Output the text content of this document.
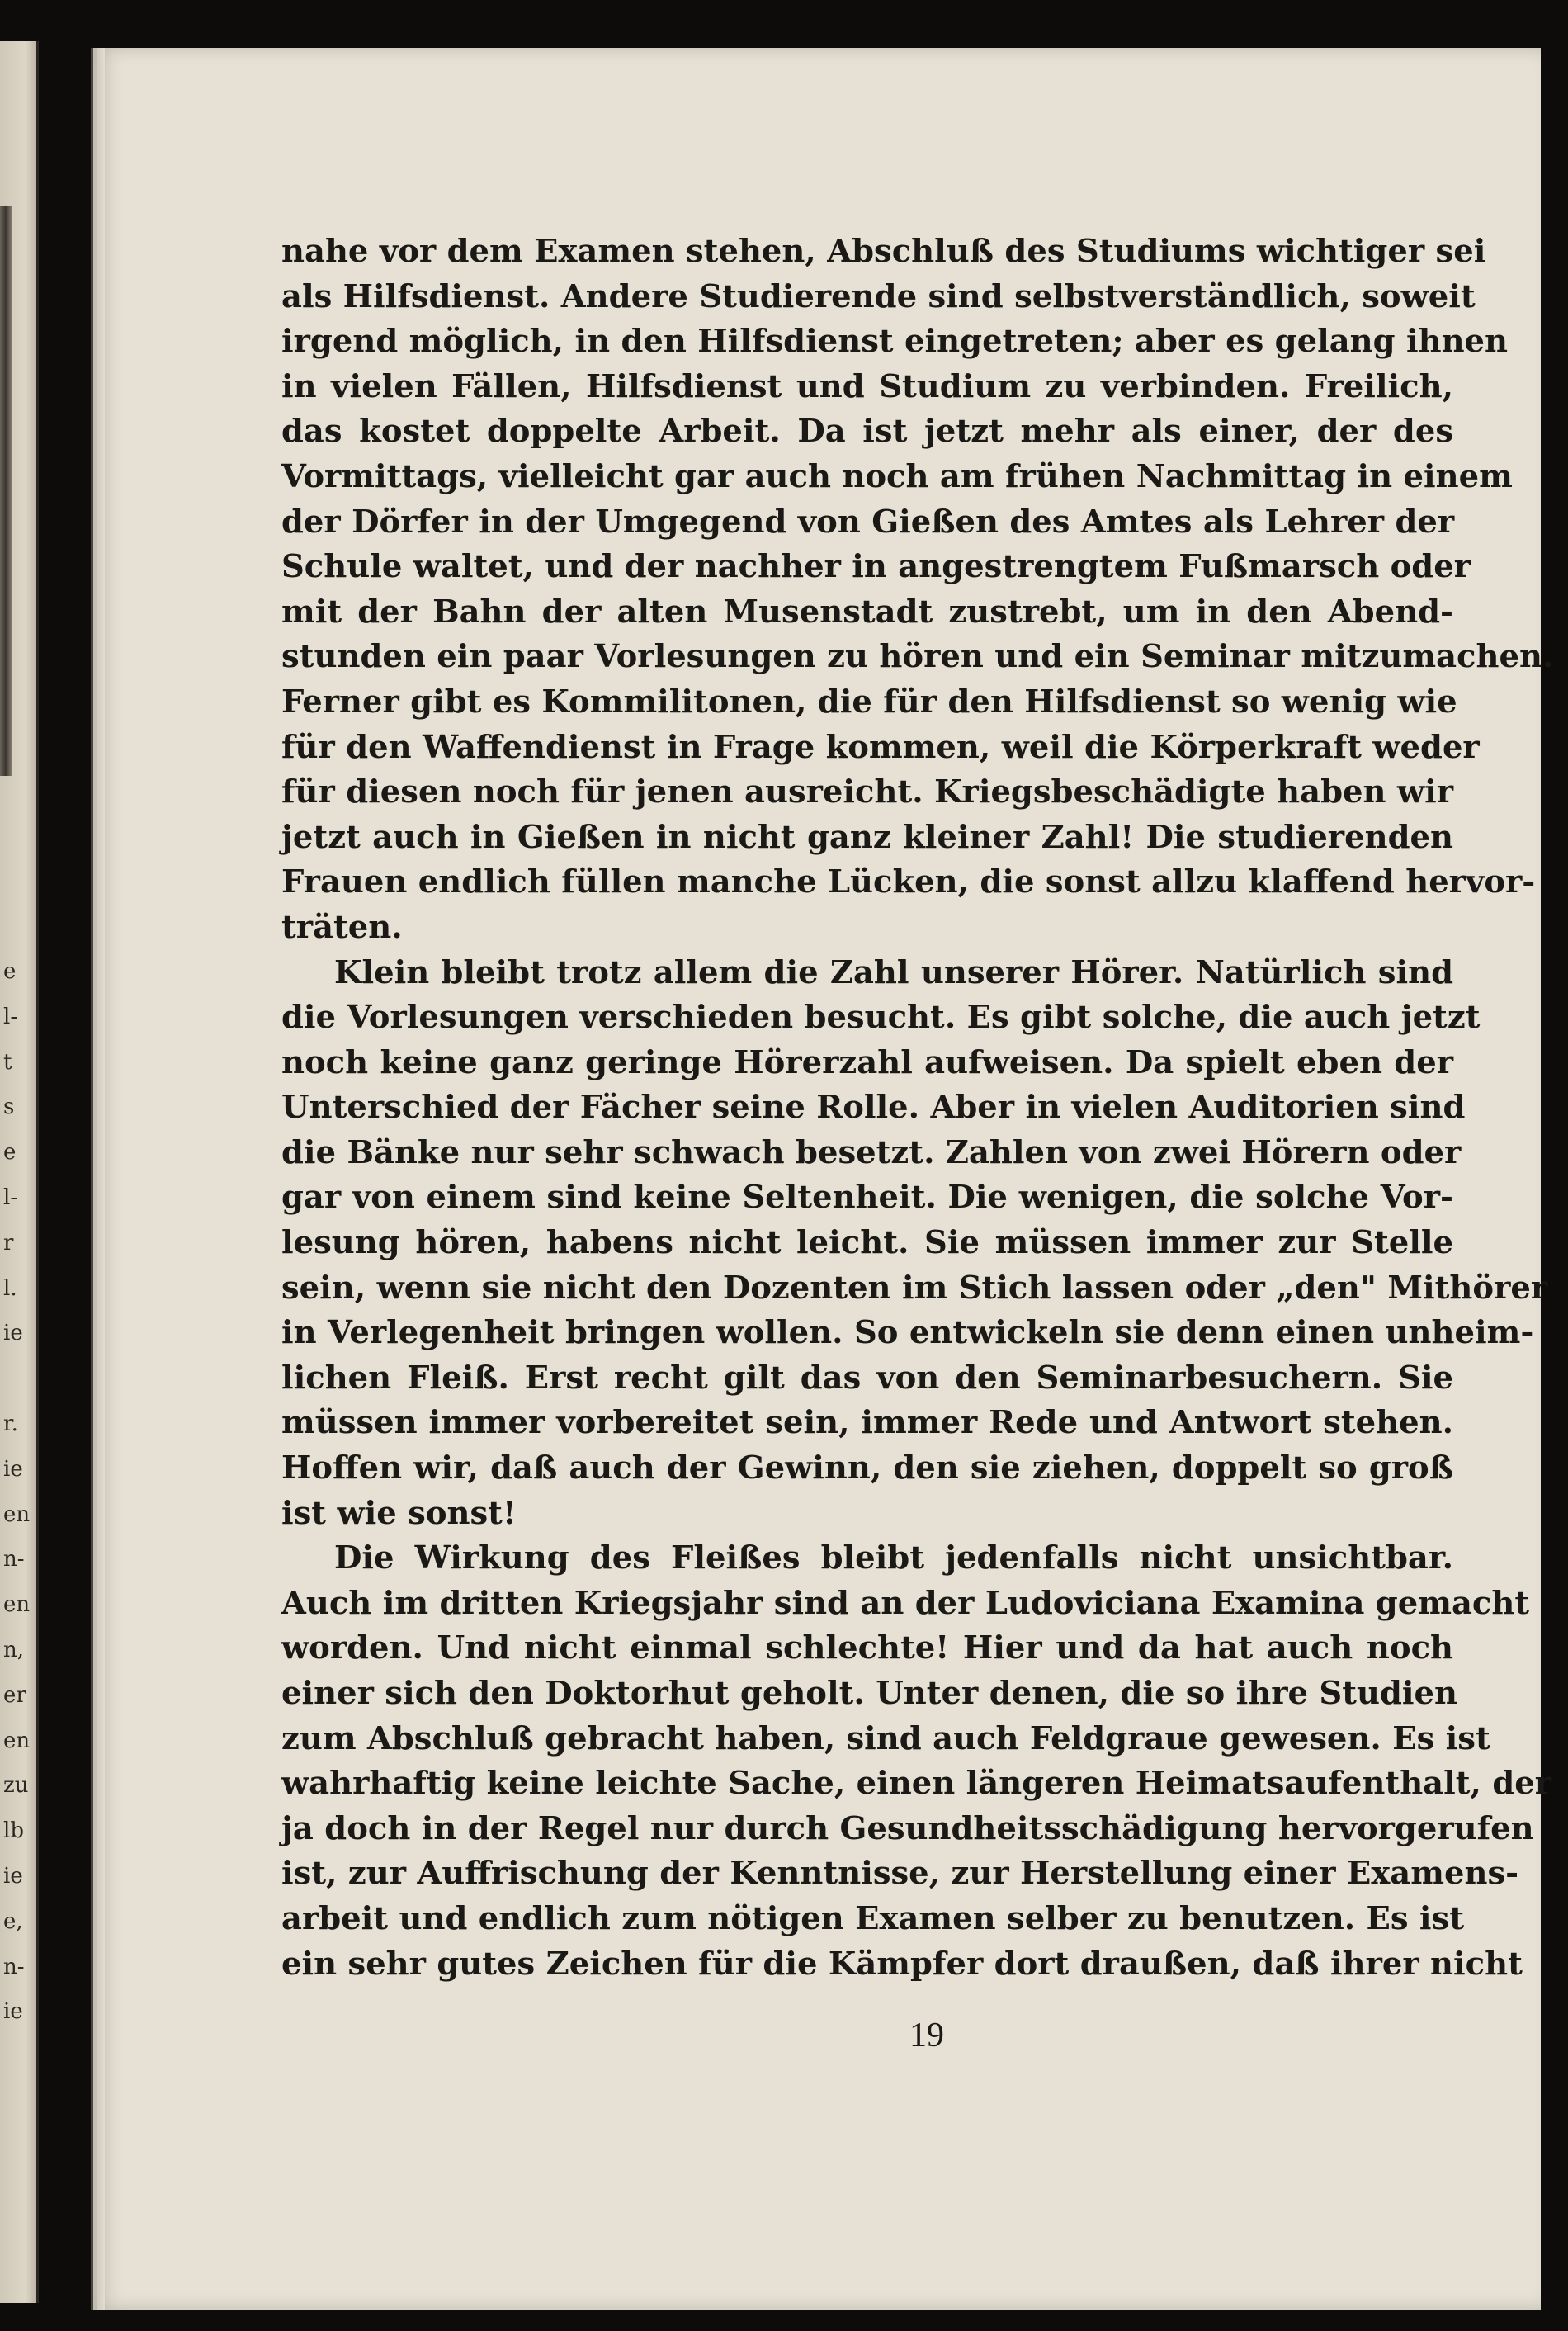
e
l-
t
s
e
l-
r
l.
ie
r.
ie
en
n-
en
n,
er
en
zu
lb
ie
e,
n-
ie
nahe vor dem Examen stehen, Abschluß des Studiums wichtiger sei
als Hilfsdienst. Andere Studierende sind selbstverständlich, soweit
irgend möglich, in den Hilfsdienst eingetreten; aber es gelang ihnen
in vielen Fällen, Hilfsdienst und Studium zu verbinden. Freilich,
das kostet doppelte Arbeit. Da ist jetzt mehr als einer, der des
Vormittags, vielleicht gar auch noch am frühen Nachmittag in einem
der Dörfer in der Umgegend von Gießen des Amtes als Lehrer der
Schule waltet, und der nachher in angestrengtem Fußmarsch oder
mit der Bahn der alten Musenstadt zustrebt, um in den Abend-
stunden ein paar Vorlesungen zu hören und ein Seminar mitzumachen.
Ferner gibt es Kommilitonen, die für den Hilfsdienst so wenig wie
für den Waffendienst in Frage kommen, weil die Körperkraft weder
für diesen noch für jenen ausreicht. Kriegsbeschädigte haben wir
jetzt auch in Gießen in nicht ganz kleiner Zahl! Die studierenden
Frauen endlich füllen manche Lücken, die sonst allzu klaffend hervor-
träten.
Klein bleibt trotz allem die Zahl unserer Hörer. Natürlich sind
die Vorlesungen verschieden besucht. Es gibt solche, die auch jetzt
noch keine ganz geringe Hörerzahl aufweisen. Da spielt eben der
Unterschied der Fächer seine Rolle. Aber in vielen Auditorien sind
die Bänke nur sehr schwach besetzt. Zahlen von zwei Hörern oder
gar von einem sind keine Seltenheit. Die wenigen, die solche Vor-
lesung hören, habens nicht leicht. Sie müssen immer zur Stelle
sein, wenn sie nicht den Dozenten im Stich lassen oder „den" Mithörer
in Verlegenheit bringen wollen. So entwickeln sie denn einen unheim-
lichen Fleiß. Erst recht gilt das von den Seminarbesuchern. Sie
müssen immer vorbereitet sein, immer Rede und Antwort stehen.
Hoffen wir, daß auch der Gewinn, den sie ziehen, doppelt so groß
ist wie sonst!
Die Wirkung des Fleißes bleibt jedenfalls nicht unsichtbar.
Auch im dritten Kriegsjahr sind an der Ludoviciana Examina gemacht
worden. Und nicht einmal schlechte! Hier und da hat auch noch
einer sich den Doktorhut geholt. Unter denen, die so ihre Studien
zum Abschluß gebracht haben, sind auch Feldgraue gewesen. Es ist
wahrhaftig keine leichte Sache, einen längeren Heimatsaufenthalt, der
ja doch in der Regel nur durch Gesundheitsschädigung hervorgerufen
ist, zur Auffrischung der Kenntnisse, zur Herstellung einer Examens-
arbeit und endlich zum nötigen Examen selber zu benutzen. Es ist
ein sehr gutes Zeichen für die Kämpfer dort draußen, daß ihrer nicht
19
